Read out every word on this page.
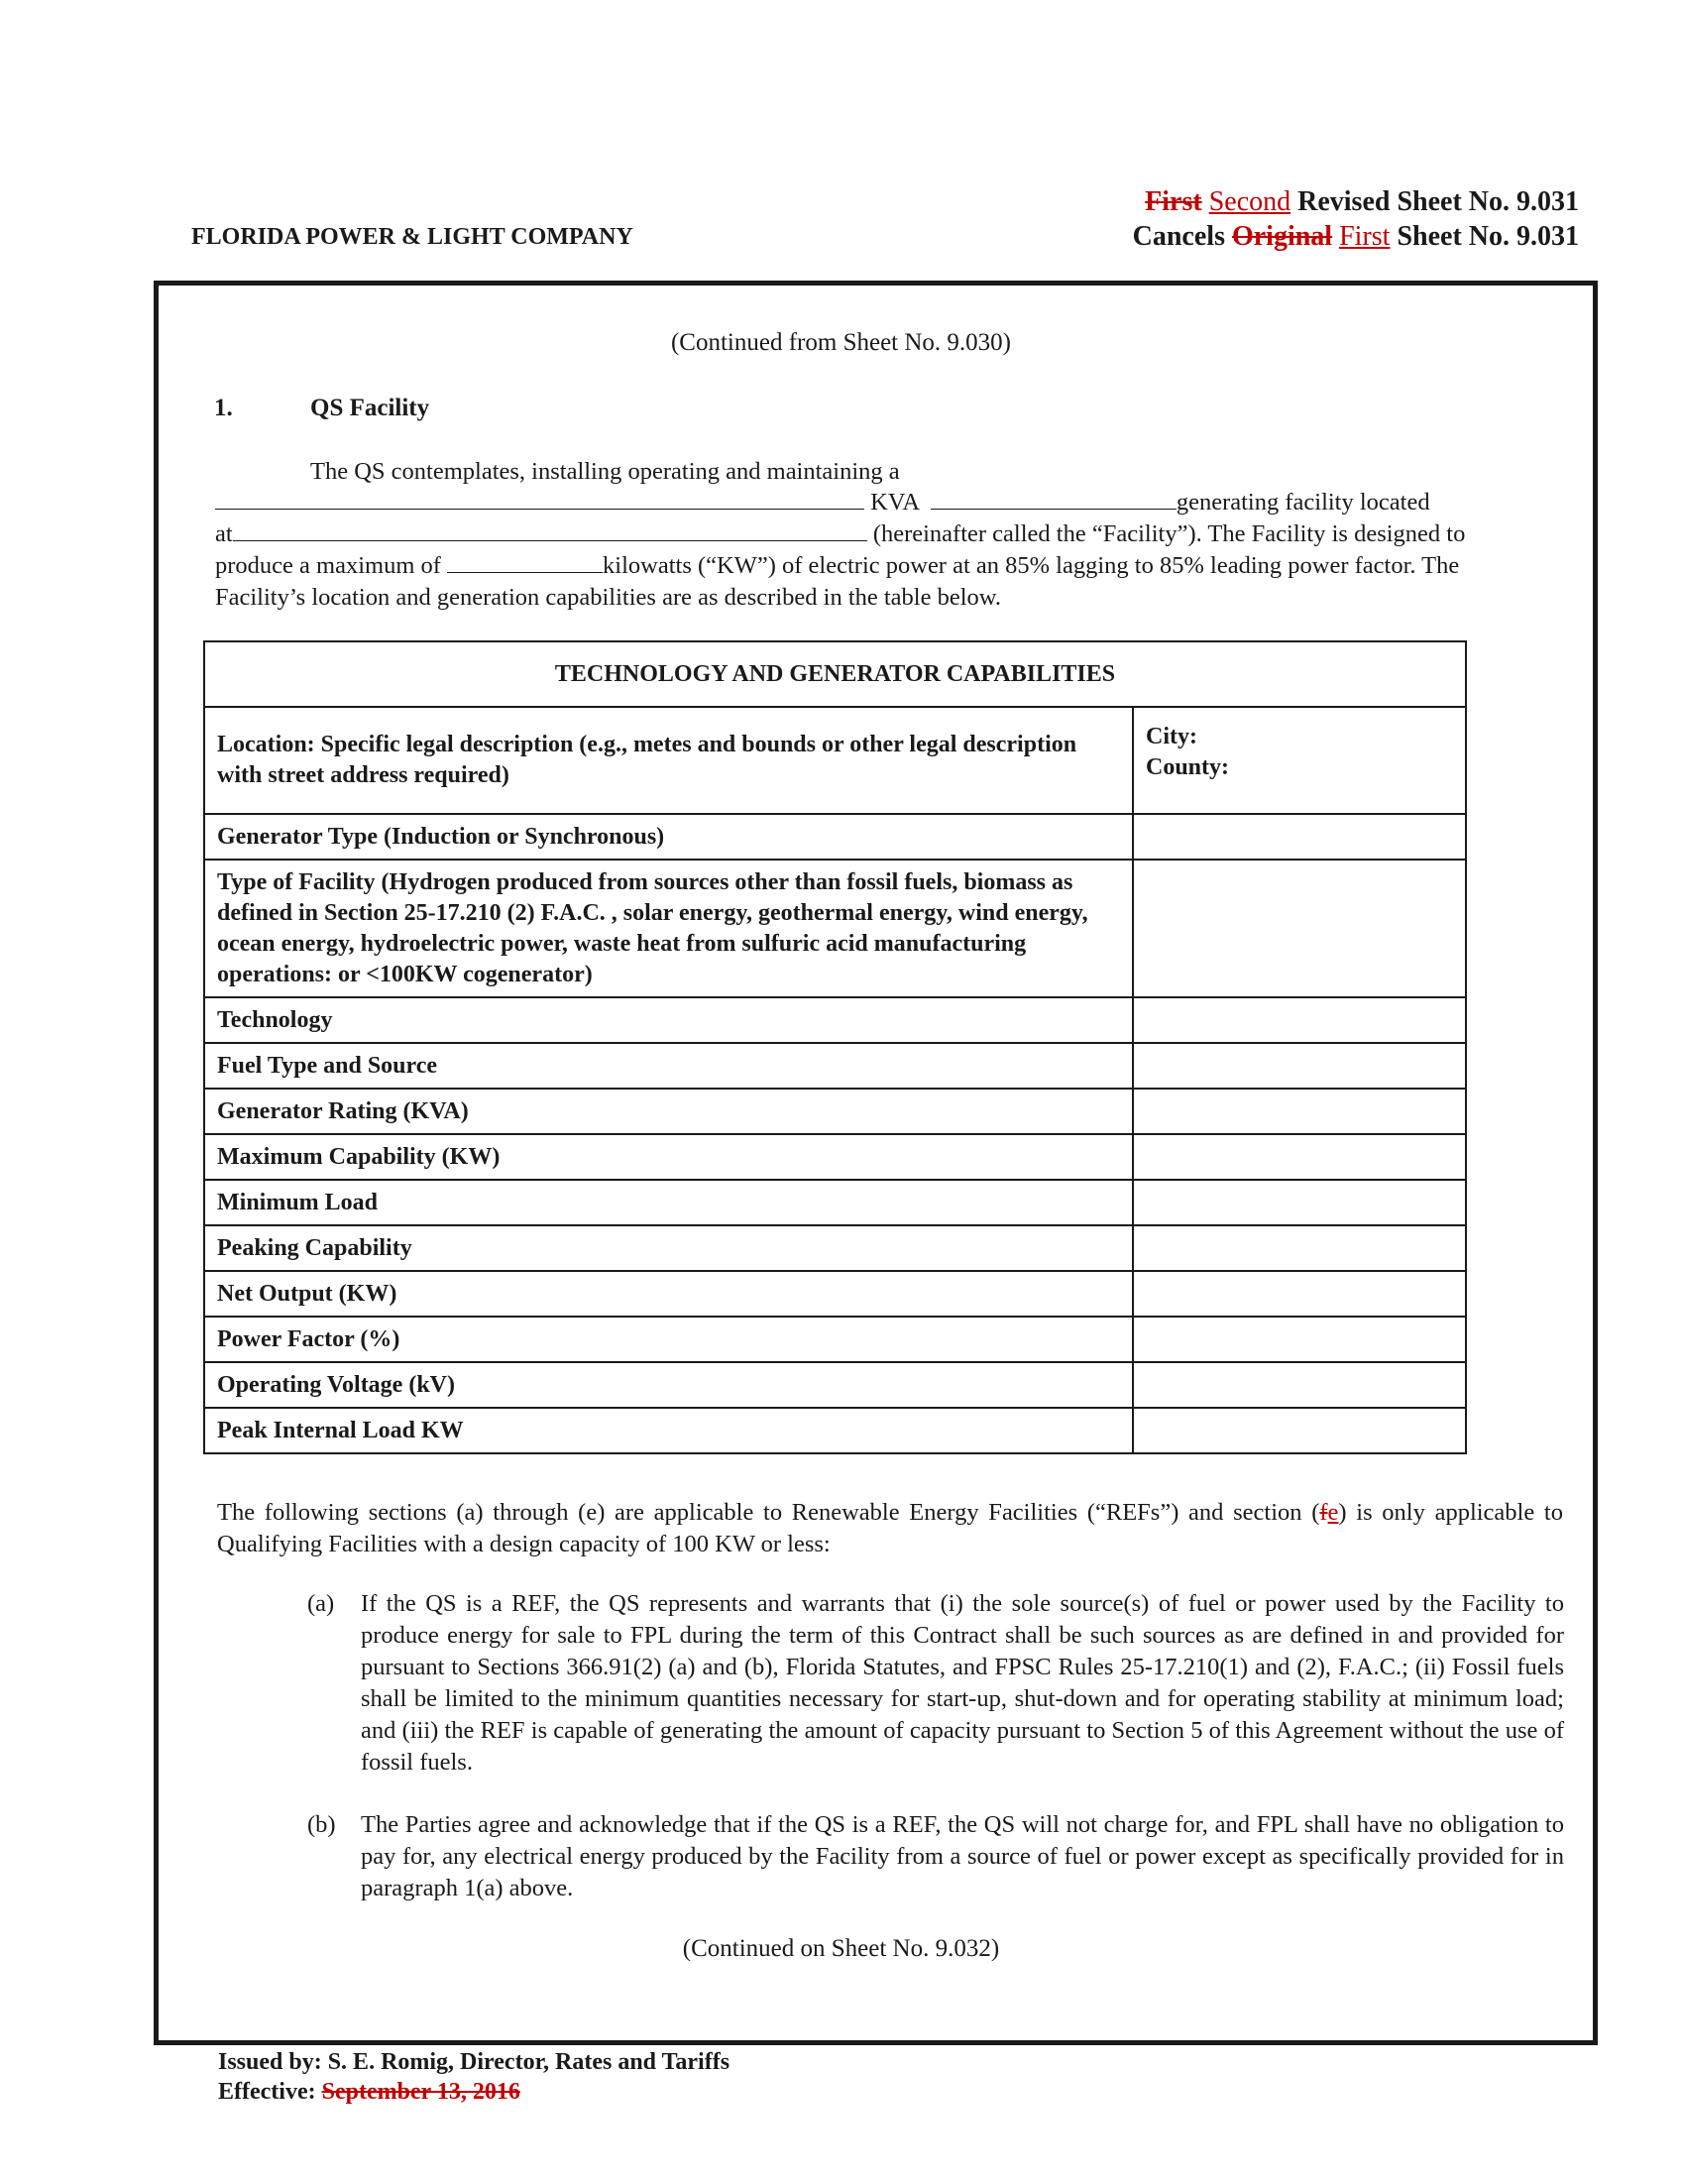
FLORIDA POWER & LIGHT COMPANY
First Second Revised Sheet No. 9.031
Cancels Original First Sheet No. 9.031
(Continued from Sheet No. 9.030)
1.	QS Facility
The QS contemplates, installing operating and maintaining a
KVA	generating facility located
at	(hereinafter called the “Facility”). The Facility is designed to
produce a maximum of	kilowatts (“KW”) of electric power at an 85% lagging to 85% leading power factor. The
Facility’s location and generation capabilities are as described in the table below.
TECHNOLOGY AND GENERATOR CAPABILITIES	
Location: Specific legal description (e.g., metes and bounds or other legal description with street address required)	City:
County:

Generator Type (Induction or Synchronous)	
Type of Facility (Hydrogen produced from sources other than fossil fuels, biomass as defined in Section 25-17.210 (2) F.A.C. , solar energy, geothermal energy, wind energy, ocean energy, hydroelectric power, waste heat from sulfuric acid manufacturing operations: or <100KW cogenerator)	
Technology	
Fuel Type and Source	
Generator Rating (KVA)	
Maximum Capability (KW)	
Minimum Load	
Peaking Capability	
Net Output (KW)	
Power Factor (%)	
Operating Voltage (kV)	
Peak Internal Load KW	
The following sections (a) through (e) are applicable to Renewable Energy Facilities (“REFs”) and section (fe) is only applicable to Qualifying Facilities with a design capacity of 100 KW or less:
(a) If the QS is a REF, the QS represents and warrants that (i) the sole source(s) of fuel or power used by the Facility to produce energy for sale to FPL during the term of this Contract shall be such sources as are defined in and provided for pursuant to Sections 366.91(2) (a) and (b), Florida Statutes, and FPSC Rules 25-17.210(1) and (2), F.A.C.; (ii) Fossil fuels shall be limited to the minimum quantities necessary for start-up, shut-down and for operating stability at minimum load; and (iii) the REF is capable of generating the amount of capacity pursuant to Section 5 of this Agreement without the use of fossil fuels.
(b) The Parties agree and acknowledge that if the QS is a REF, the QS will not charge for, and FPL shall have no obligation to pay for, any electrical energy produced by the Facility from a source of fuel or power except as specifically provided for in paragraph 1(a) above.
(Continued on Sheet No. 9.032)
Issued by: S. E. Romig, Director, Rates and Tariffs
Effective: September 13, 2016
